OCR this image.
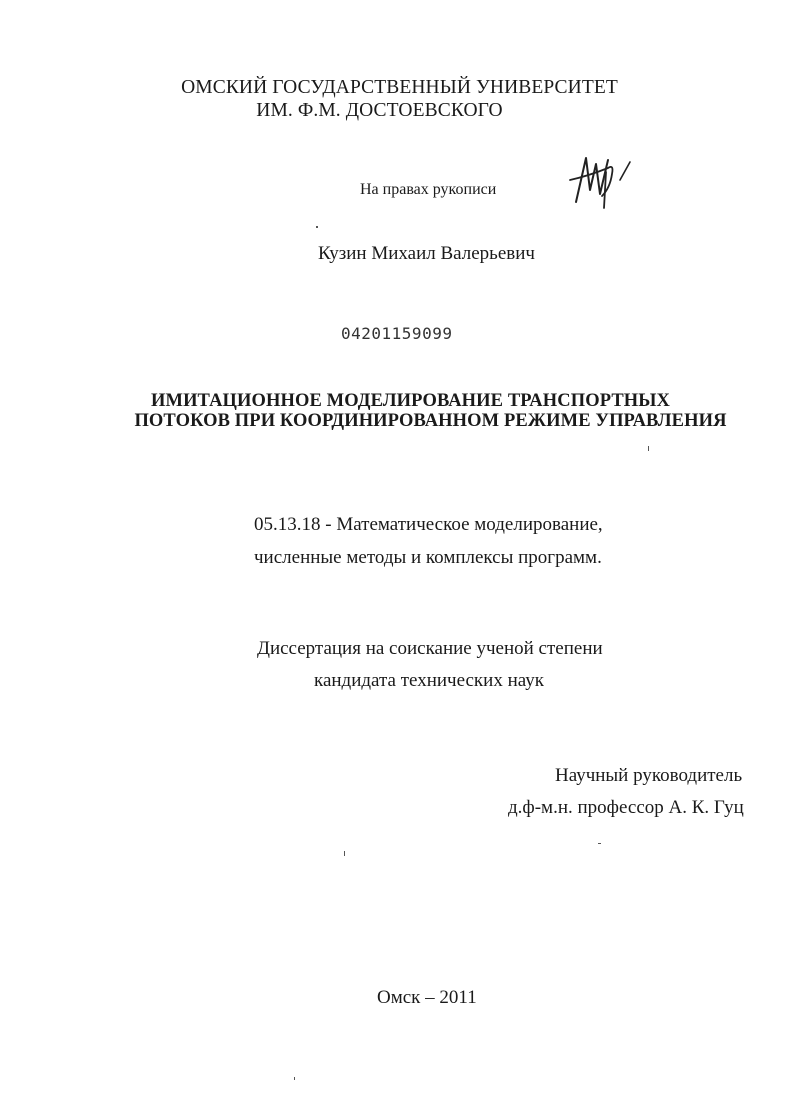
ОМСКИЙ ГОСУДАРСТВЕННЫЙ УНИВЕРСИТЕТ
ИМ. Ф.М. ДОСТОЕВСКОГО
На правах рукописи
Кузин Михаил Валерьевич
04201159099
ИМИТАЦИОННОЕ МОДЕЛИРОВАНИЕ ТРАНСПОРТНЫХ
ПОТОКОВ ПРИ КООРДИНИРОВАННОМ РЕЖИМЕ УПРАВЛЕНИЯ
05.13.18 - Математическое моделирование,
численные методы и комплексы программ.
Диссертация на соискание ученой степени
кандидата технических наук
Научный руководитель
д.ф-м.н. профессор А. К. Гуц
Омск – 2011
